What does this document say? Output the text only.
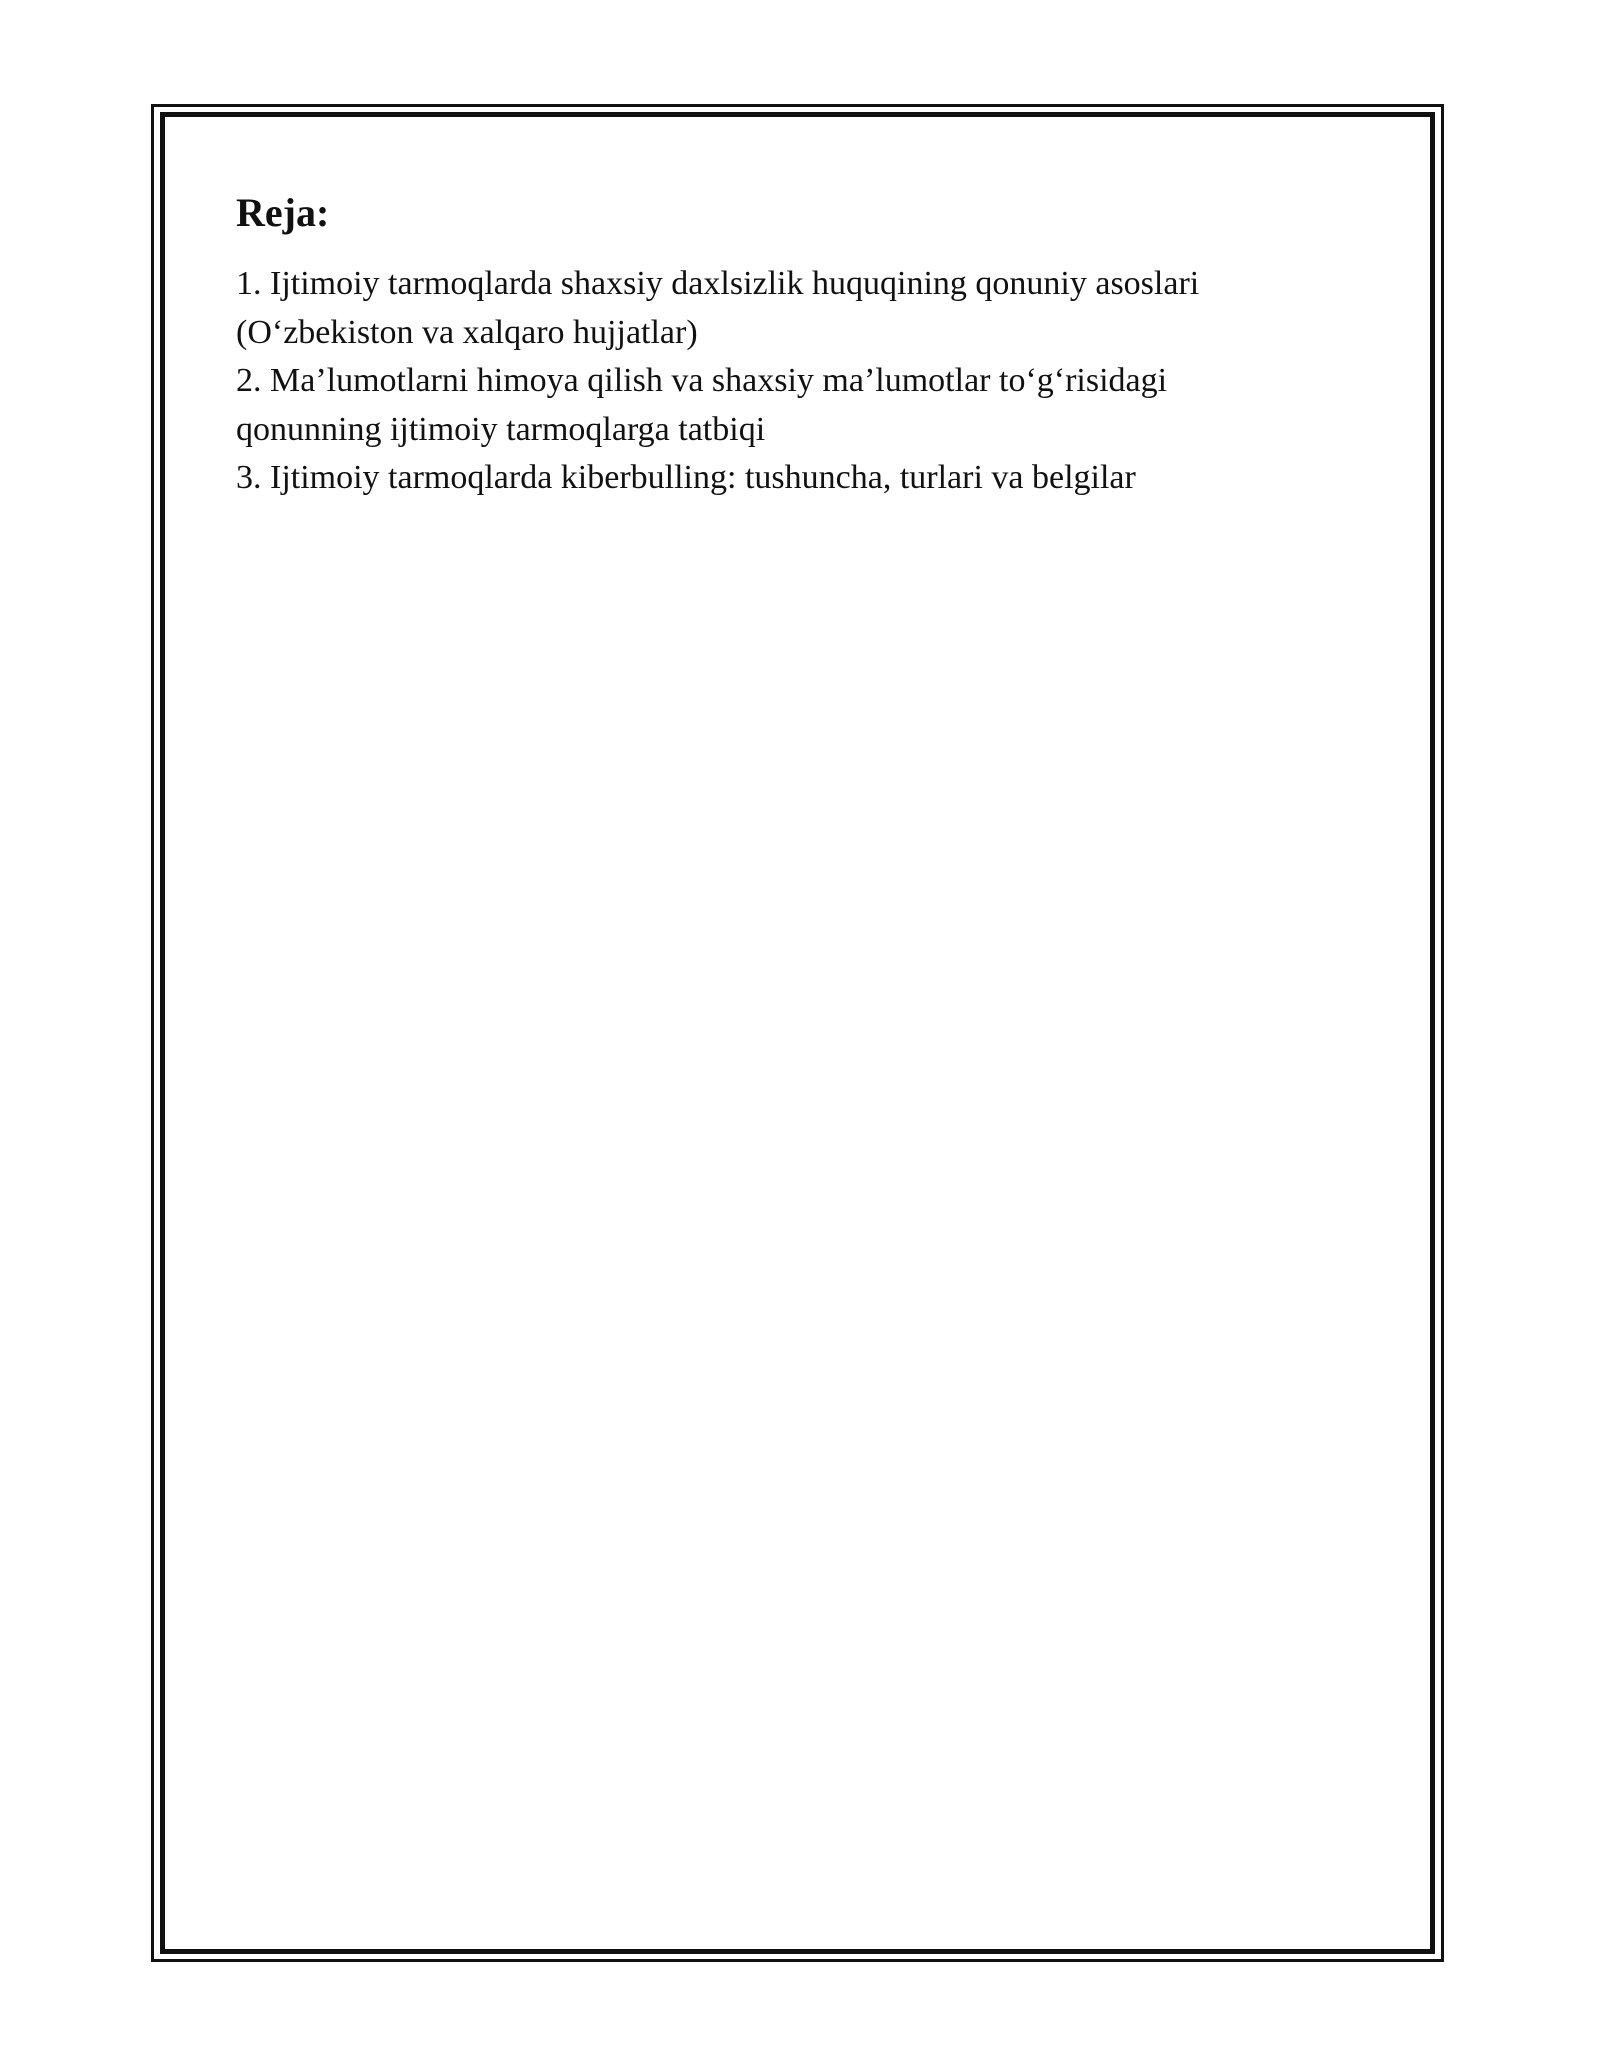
Reja:
1. Ijtimoiy tarmoqlarda shaxsiy daxlsizlik huquqining qonuniy asoslari
(O‘zbekiston va xalqaro hujjatlar)
2. Ma’lumotlarni himoya qilish va shaxsiy ma’lumotlar to‘g‘risidagi
qonunning ijtimoiy tarmoqlarga tatbiqi
3. Ijtimoiy tarmoqlarda kiberbulling: tushuncha, turlari va belgilar
